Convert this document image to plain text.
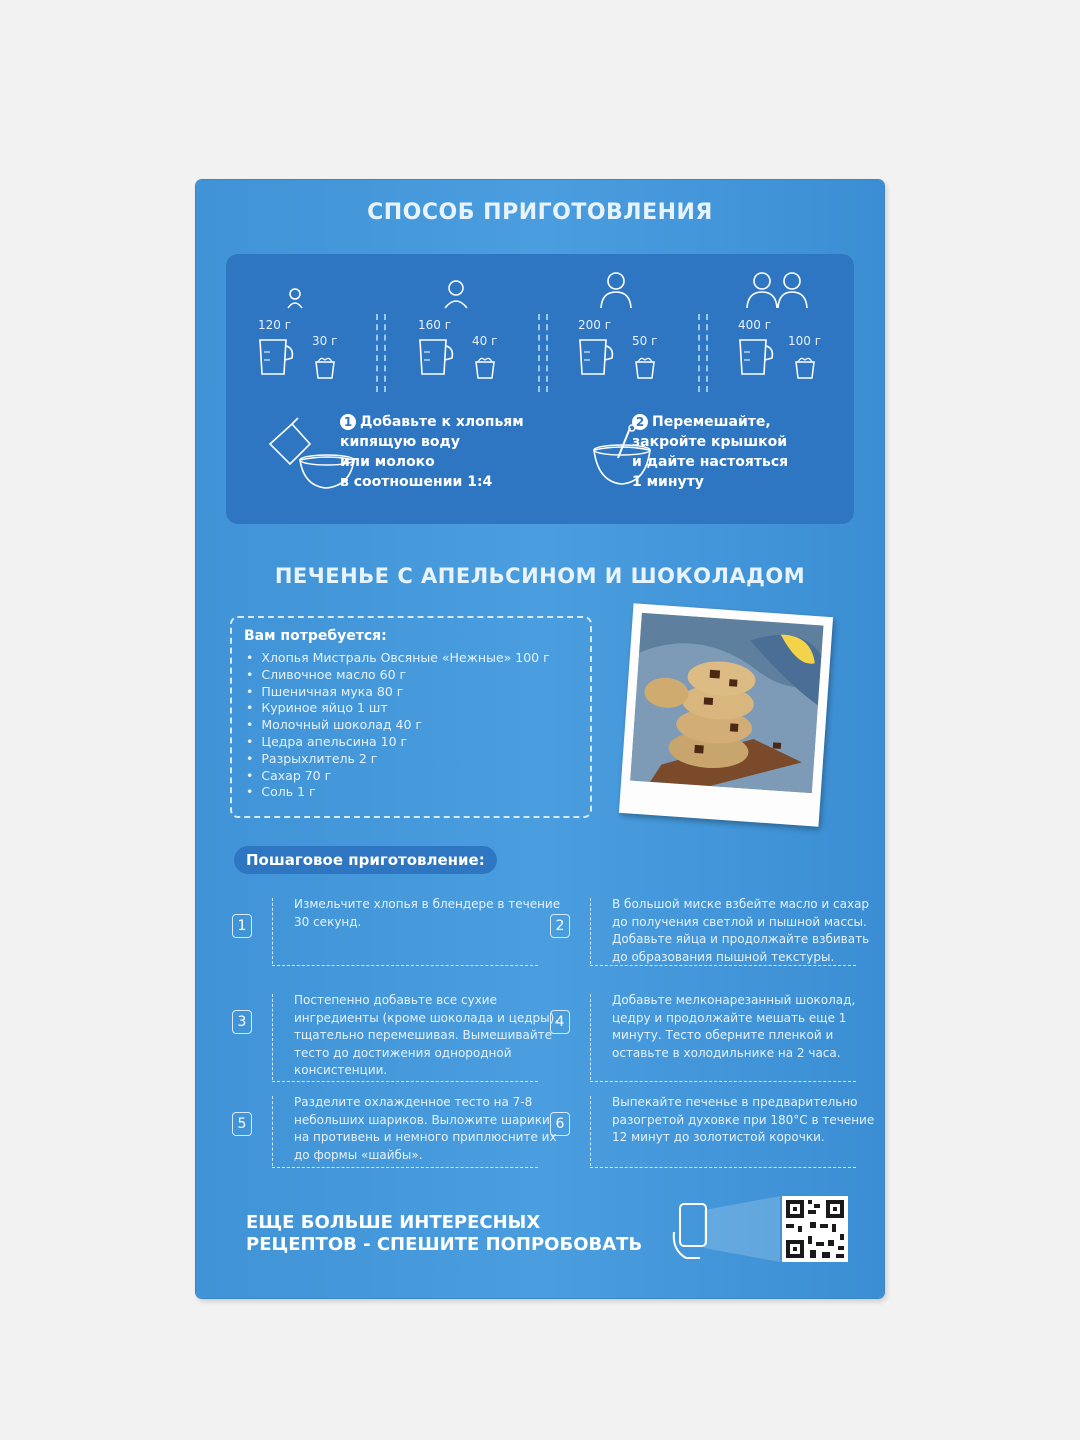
СПОСОБ ПРИГОТОВЛЕНИЯ
120 г
30 г
160 г
40 г
200 г
50 г
400 г
100 г
1 Добавьте к хлопьям
кипящую воду
или молоко
в соотношении 1:4
2 Перемешайте,
закройте крышкой
и дайте настояться
1 минуту
ПЕЧЕНЬЕ С АПЕЛЬСИНОМ И ШОКОЛАДОМ
Вам потребуется:
• Хлопья Мистраль Овсяные «Нежные» 100 г
• Сливочное масло 60 г
• Пшеничная мука 80 г
• Куриное яйцо 1 шт
• Молочный шоколад 40 г
• Цедра апельсина 10 г
• Разрыхлитель 2 г
• Сахар 70 г
• Соль 1 г
Пошаговое приготовление:
1
Измельчите хлопья в блендере в течение 30 секунд.	2
В большой миске взбейте масло и сахар до получения светлой и пышной массы. Добавьте яйца и продолжайте взбивать до образования пышной текстуры.
3
Постепенно добавьте все сухие ингредиенты (кроме шоколада и цедры), тщательно перемешивая. Вымешивайте тесто до достижения однородной консистенции.
4
Добавьте мелконарезанный шоколад, цедру и продолжайте мешать еще 1 минуту. Тесто оберните пленкой и оставьте в холодильнике на 2 часа.
5
Разделите охлажденное тесто на 7-8 небольших шариков. Выложите шарики на противень и немного приплюсните их до формы «шайбы».
6
Выпекайте печенье в предварительно разогретой духовке при 180°С в течение 12 минут до золотистой корочки.
ЕЩЕ БОЛЬШЕ ИНТЕРЕСНЫХ
РЕЦЕПТОВ - СПЕШИТЕ ПОПРОБОВАТЬ
